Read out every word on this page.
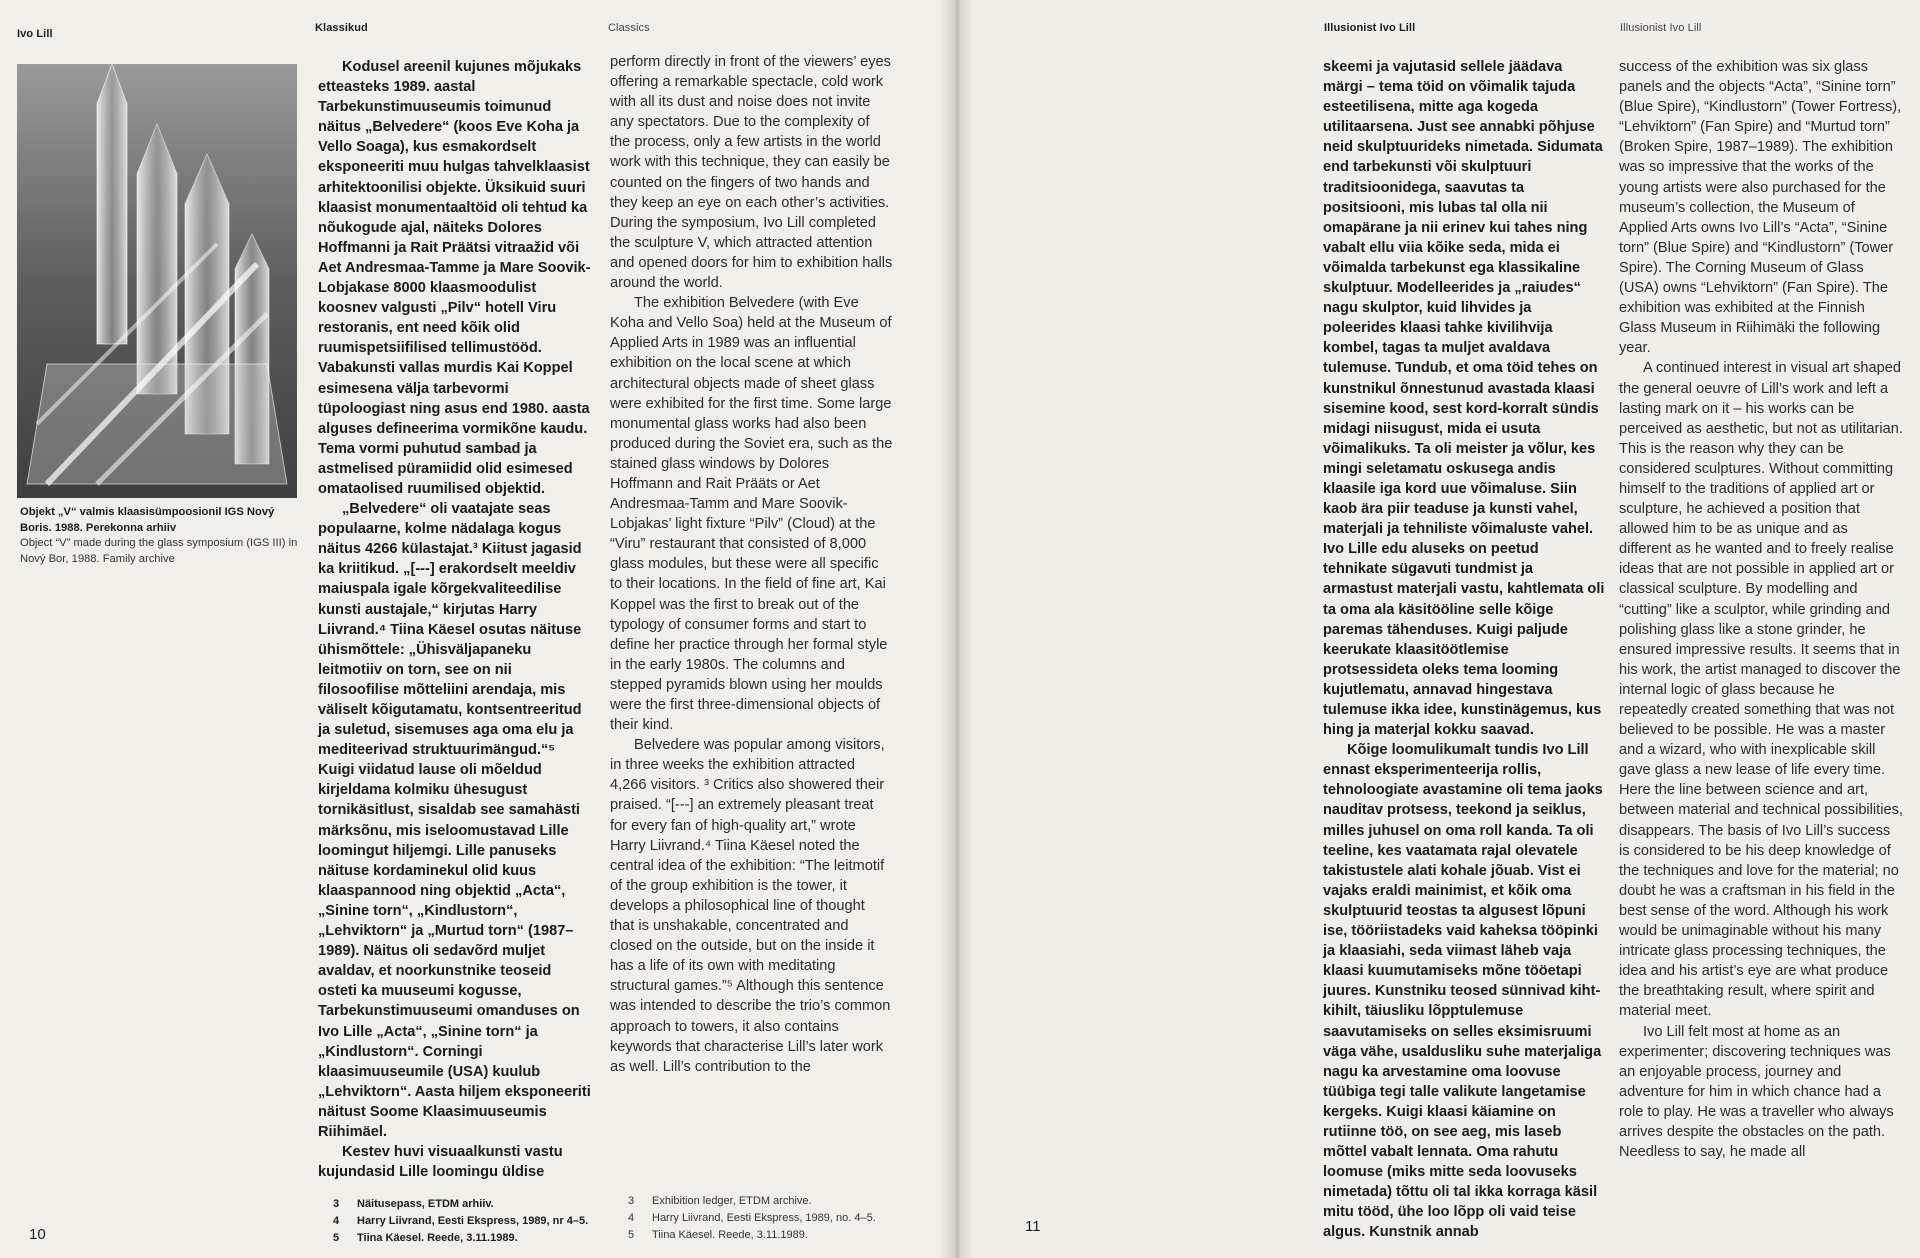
Ivo Lill	Klassikud	Classics
Objekt „V“ valmis klaasisümpoosionil IGS Nový Boris. 1988. Perekonna arhiiv
Object “V” made during the glass symposium (IGS III) in Nový Bor, 1988. Family archive

Kodusel areenil kujunes mõjukaks etteasteks 1989. aastal Tarbekunstimuuseumis toimunud näitus „Belvedere“ (koos Eve Koha ja Vello Soaga), kus esmakordselt eksponeeriti muu hulgas tahvelklaasist arhitektoonilisi objekte. Üksikuid suuri klaasist monumentaaltöid oli tehtud ka nõukogude ajal, näiteks Dolores Hoffmanni ja Rait Präätsi vitraažid või Aet Andresmaa-Tamme ja Mare Soovik-Lobjakase 8000 klaasmoodulist koosnev valgusti „Pilv“ hotell Viru restoranis, ent need kõik olid ruumispetsiifilised tellimustööd. Vabakunsti vallas murdis Kai Koppel esimesena välja tarbevormi tüpoloogiast ning asus end 1980. aasta alguses defineerima vormikõne kaudu. Tema vormi puhutud sambad ja astmelised püramiidid olid esimesed omataolised ruumilised objektid.

„Belvedere“ oli vaatajate seas populaarne, kolme nädalaga kogus näitus 4266 külastajat.³ Kiitust jagasid ka kriitikud. „[---] erakordselt meeldiv maiuspala igale kõrgekvaliteedilise kunsti austajale,“ kirjutas Harry Liivrand.⁴ Tiina Käesel osutas näituse ühismõttele: „Ühisväljapaneku leitmotiiv on torn, see on nii filosoofilise mõtteliini arendaja, mis väliselt kõigutamatu, kontsentreeritud ja suletud, sisemuses aga oma elu ja mediteerivad struktuurimängud.“⁵ Kuigi viidatud lause oli mõeldud kirjeldama kolmiku ühesugust tornikäsitlust, sisaldab see samahästi märksõnu, mis iseloomustavad Lille loomingut hiljemgi. Lille panuseks näituse kordaminekul olid kuus klaaspannood ning objektid „Acta“, „Sinine torn“, „Kindlustorn“, „Lehviktorn“ ja „Murtud torn“ (1987–1989). Näitus oli sedavõrd muljet avaldav, et noorkunstnike teoseid osteti ka muuseumi kogusse, Tarbekunstimuuseumi omanduses on Ivo Lille „Acta“, „Sinine torn“ ja „Kindlustorn“. Corningi klaasimuuseumile (USA) kuulub „Lehviktorn“. Aasta hiljem eksponeeriti näitust Soome Klaasimuuseumis Riihimäel.

Kestev huvi visuaalkunsti vastu kujundasid Lille loomingu üldise

perform directly in front of the viewers’ eyes offering a remarkable spectacle, cold work with all its dust and noise does not invite any spectators. Due to the complexity of the process, only a few artists in the world work with this technique, they can easily be counted on the fingers of two hands and they keep an eye on each other’s activities. During the symposium, Ivo Lill completed the sculpture V, which attracted attention and opened doors for him to exhibition halls around the world.

The exhibition Belvedere (with Eve Koha and Vello Soa) held at the Museum of Applied Arts in 1989 was an influential exhibition on the local scene at which architectural objects made of sheet glass were exhibited for the first time. Some large monumental glass works had also been produced during the Soviet era, such as the stained glass windows by Dolores Hoffmann and Rait Prääts or Aet Andresmaa-Tamm and Mare Soovik-Lobjakas’ light fixture “Pilv” (Cloud) at the “Viru” restaurant that consisted of 8,000 glass modules, but these were all specific to their locations. In the field of fine art, Kai Koppel was the first to break out of the typology of consumer forms and start to define her practice through her formal style in the early 1980s. The columns and stepped pyramids blown using her moulds were the first three-dimensional objects of their kind.

Belvedere was popular among visitors, in three weeks the exhibition attracted 4,266 visitors. ³ Critics also showered their praised. “[---] an extremely pleasant treat for every fan of high-quality art,” wrote Harry Liivrand.⁴ Tiina Käesel noted the central idea of the exhibition: “The leitmotif of the group exhibition is the tower, it develops a philosophical line of thought that is unshakable, concentrated and closed on the outside, but on the inside it has a life of its own with meditating structural games.”⁵ Although this sentence was intended to describe the trio’s common approach to towers, it also contains keywords that characterise Lill’s later work as well. Lill’s contribution to the

3	Näitusepass, ETDM arhiiv.
4	Harry Liivrand, Eesti Ekspress, 1989, nr 4–5.
5	Tiina Käesel. Reede, 3.11.1989.
3	Exhibition ledger, ETDM archive.
4	Harry Liivrand, Eesti Ekspress, 1989, no. 4–5.
5	Tiina Käesel. Reede, 3.11.1989.
10
Illusionist Ivo Lill	Illusionist Ivo Lill

skeemi ja vajutasid sellele jäädava märgi – tema töid on võimalik tajuda esteetilisena, mitte aga kogeda utilitaarsena. Just see annabki põhjuse neid skulptuurideks nimetada. Sidumata end tarbekunsti või skulptuuri traditsioonidega, saavutas ta positsiooni, mis lubas tal olla nii omapärane ja nii erinev kui tahes ning vabalt ellu viia kõike seda, mida ei võimalda tarbekunst ega klassikaline skulptuur. Modelleerides ja „raiudes“ nagu skulptor, kuid lihvides ja poleerides klaasi tahke kivilihvija kombel, tagas ta muljet avaldava tulemuse. Tundub, et oma töid tehes on kunstnikul õnnestunud avastada klaasi sisemine kood, sest kord-korralt sündis midagi niisugust, mida ei usuta võimalikuks. Ta oli meister ja võlur, kes mingi seletamatu oskusega andis klaasile iga kord uue võimaluse. Siin kaob ära piir teaduse ja kunsti vahel, materjali ja tehniliste võimaluste vahel. Ivo Lille edu aluseks on peetud tehnikate sügavuti tundmist ja armastust materjali vastu, kahtlemata oli ta oma ala käsitööline selle kõige paremas tähenduses. Kuigi paljude keerukate klaasitöötlemise protsessideta oleks tema looming kujutlematu, annavad hingestava tulemuse ikka idee, kunstinägemus, kus hing ja materjal kokku saavad.

Kõige loomulikumalt tundis Ivo Lill ennast eksperimenteerija rollis, tehnoloogiate avastamine oli tema jaoks nauditav protsess, teekond ja seiklus, milles juhusel on oma roll kanda. Ta oli teeline, kes vaatamata rajal olevatele takistustele alati kohale jõuab. Vist ei vajaks eraldi mainimist, et kõik oma skulptuurid teostas ta algusest lõpuni ise, tööriistadeks vaid kaheksa tööpinki ja klaasiahi, seda viimast läheb vaja klaasi kuumutamiseks mõne tööetapi juures. Kunstniku teosed sünnivad kiht-kihilt, täiusliku lõpptulemuse saavutamiseks on selles eksimisruumi väga vähe, usaldusliku suhe materjaliga nagu ka arvestamine oma loovuse tüübiga tegi talle valikute langetamise kergeks. Kuigi klaasi käiamine on rutiinne töö, on see aeg, mis laseb mõttel vabalt lennata. Oma rahutu loomuse (miks mitte seda loovuseks nimetada) tõttu oli tal ikka korraga käsil mitu tööd, ühe loo lõpp oli vaid teise algus. Kunstnik annab

success of the exhibition was six glass panels and the objects “Acta”, “Sinine torn” (Blue Spire), “Kindlustorn” (Tower Fortress), “Lehviktorn” (Fan Spire) and “Murtud torn” (Broken Spire, 1987–1989). The exhibition was so impressive that the works of the young artists were also purchased for the museum’s collection, the Museum of Applied Arts owns Ivo Lill’s “Acta”, “Sinine torn” (Blue Spire) and “Kindlustorn” (Tower Spire). The Corning Museum of Glass (USA) owns “Lehviktorn” (Fan Spire). The exhibition was exhibited at the Finnish Glass Museum in Riihimäki the following year.

A continued interest in visual art shaped the general oeuvre of Lill’s work and left a lasting mark on it – his works can be perceived as aesthetic, but not as utilitarian. This is the reason why they can be considered sculptures. Without committing himself to the traditions of applied art or sculpture, he achieved a position that allowed him to be as unique and as different as he wanted and to freely realise ideas that are not possible in applied art or classical sculpture. By modelling and “cutting” like a sculptor, while grinding and polishing glass like a stone grinder, he ensured impressive results. It seems that in his work, the artist managed to discover the internal logic of glass because he repeatedly created something that was not believed to be possible. He was a master and a wizard, who with inexplicable skill gave glass a new lease of life every time. Here the line between science and art, between material and technical possibilities, disappears. The basis of Ivo Lill’s success is considered to be his deep knowledge of the techniques and love for the material; no doubt he was a craftsman in his field in the best sense of the word. Although his work would be unimaginable without his many intricate glass processing techniques, the idea and his artist’s eye are what produce the breathtaking result, where spirit and material meet.

Ivo Lill felt most at home as an experimenter; discovering techniques was an enjoyable process, journey and adventure for him in which chance had a role to play. He was a traveller who always arrives despite the obstacles on the path. Needless to say, he made all

11
